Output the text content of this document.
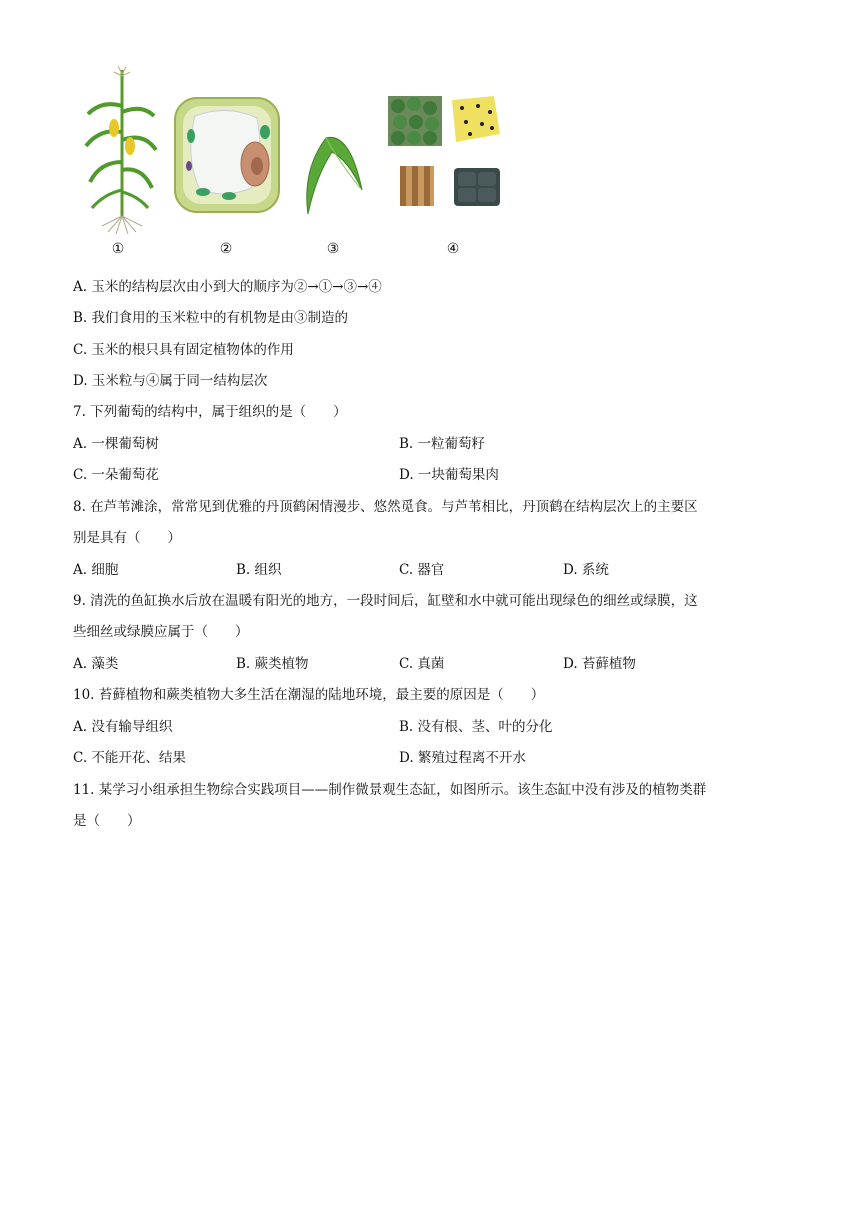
①	②	③	④
A. 玉米的结构层次由小到大的顺序为②→①→③→④
B. 我们食用的玉米粒中的有机物是由③制造的
C. 玉米的根只具有固定植物体的作用
D. 玉米粒与④属于同一结构层次
7. 下列葡萄的结构中，属于组织的是（　　）
A. 一棵葡萄树	B. 一粒葡萄籽
C. 一朵葡萄花	D. 一块葡萄果肉
8. 在芦苇滩涂，常常见到优雅的丹顶鹤闲情漫步、悠然觅食。与芦苇相比，丹顶鹤在结构层次上的主要区
别是具有（　　）
A. 细胞	B. 组织	C. 器官	D. 系统
9. 清洗的鱼缸换水后放在温暖有阳光的地方，一段时间后，缸壁和水中就可能出现绿色的细丝或绿膜，这
些细丝或绿膜应属于（　　）
A. 藻类	B. 蕨类植物	C. 真菌	D. 苔藓植物
10. 苔藓植物和蕨类植物大多生活在潮湿的陆地环境，最主要的原因是（　　）
A. 没有输导组织	B. 没有根、茎、叶的分化
C. 不能开花、结果	D. 繁殖过程离不开水
11. 某学习小组承担生物综合实践项目——制作微景观生态缸，如图所示。该生态缸中没有涉及的植物类群
是（　　）
